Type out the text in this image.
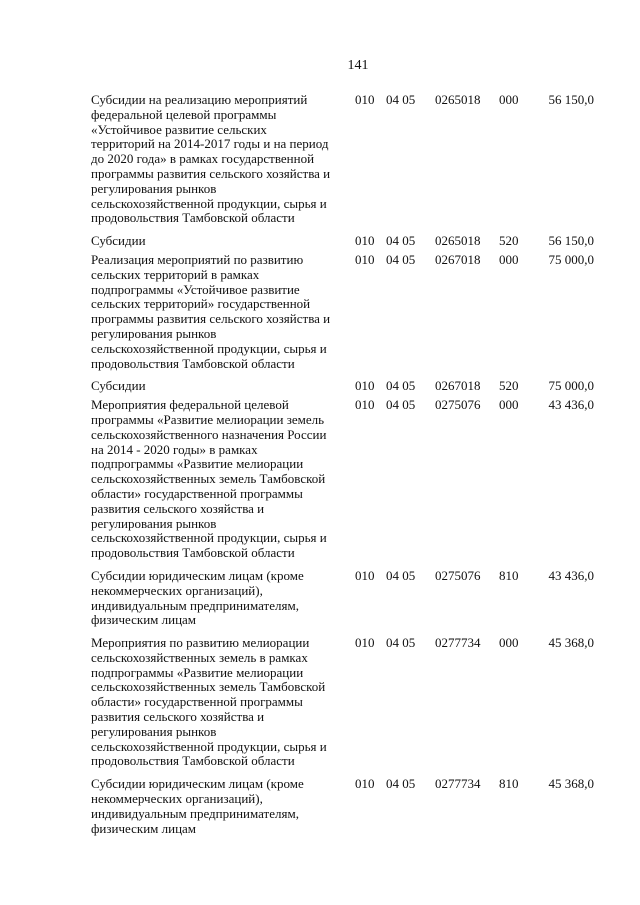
141
Субсидии на реализацию мероприятий
федеральной целевой программы
«Устойчивое развитие сельских
территорий на 2014-2017 годы и на период
до 2020 года» в рамках государственной
программы развития сельского хозяйства и
регулирования рынков
сельскохозяйственной продукции, сырья и
продовольствия Тамбовской области
010 04 05 0265018 000 56 150,0
Субсидии	010 04 05 0265018 520 56 150,0
Реализация мероприятий по развитию
сельских территорий в рамках
подпрограммы «Устойчивое развитие
сельских территорий» государственной
программы развития сельского хозяйства и
регулирования рынков
сельскохозяйственной продукции, сырья и
продовольствия Тамбовской области
010 04 05 0267018 000 75 000,0
Субсидии	010 04 05 0267018 520 75 000,0
Мероприятия федеральной целевой
программы «Развитие мелиорации земель
сельскохозяйственного назначения России
на 2014 - 2020 годы» в рамках
подпрограммы «Развитие мелиорации
сельскохозяйственных земель Тамбовской
области» государственной программы
развития сельского хозяйства и
регулирования рынков
сельскохозяйственной продукции, сырья и
продовольствия Тамбовской области
010 04 05 0275076 000 43 436,0
Субсидии юридическим лицам (кроме
некоммерческих организаций),
индивидуальным предпринимателям,
физическим лицам
010 04 05 0275076 810 43 436,0
Мероприятия по развитию мелиорации
сельскохозяйственных земель в рамках
подпрограммы «Развитие мелиорации
сельскохозяйственных земель Тамбовской
области» государственной программы
развития сельского хозяйства и
регулирования рынков
сельскохозяйственной продукции, сырья и
продовольствия Тамбовской области
010 04 05 0277734 000 45 368,0
Субсидии юридическим лицам (кроме
некоммерческих организаций),
индивидуальным предпринимателям,
физическим лицам
010 04 05 0277734 810 45 368,0
